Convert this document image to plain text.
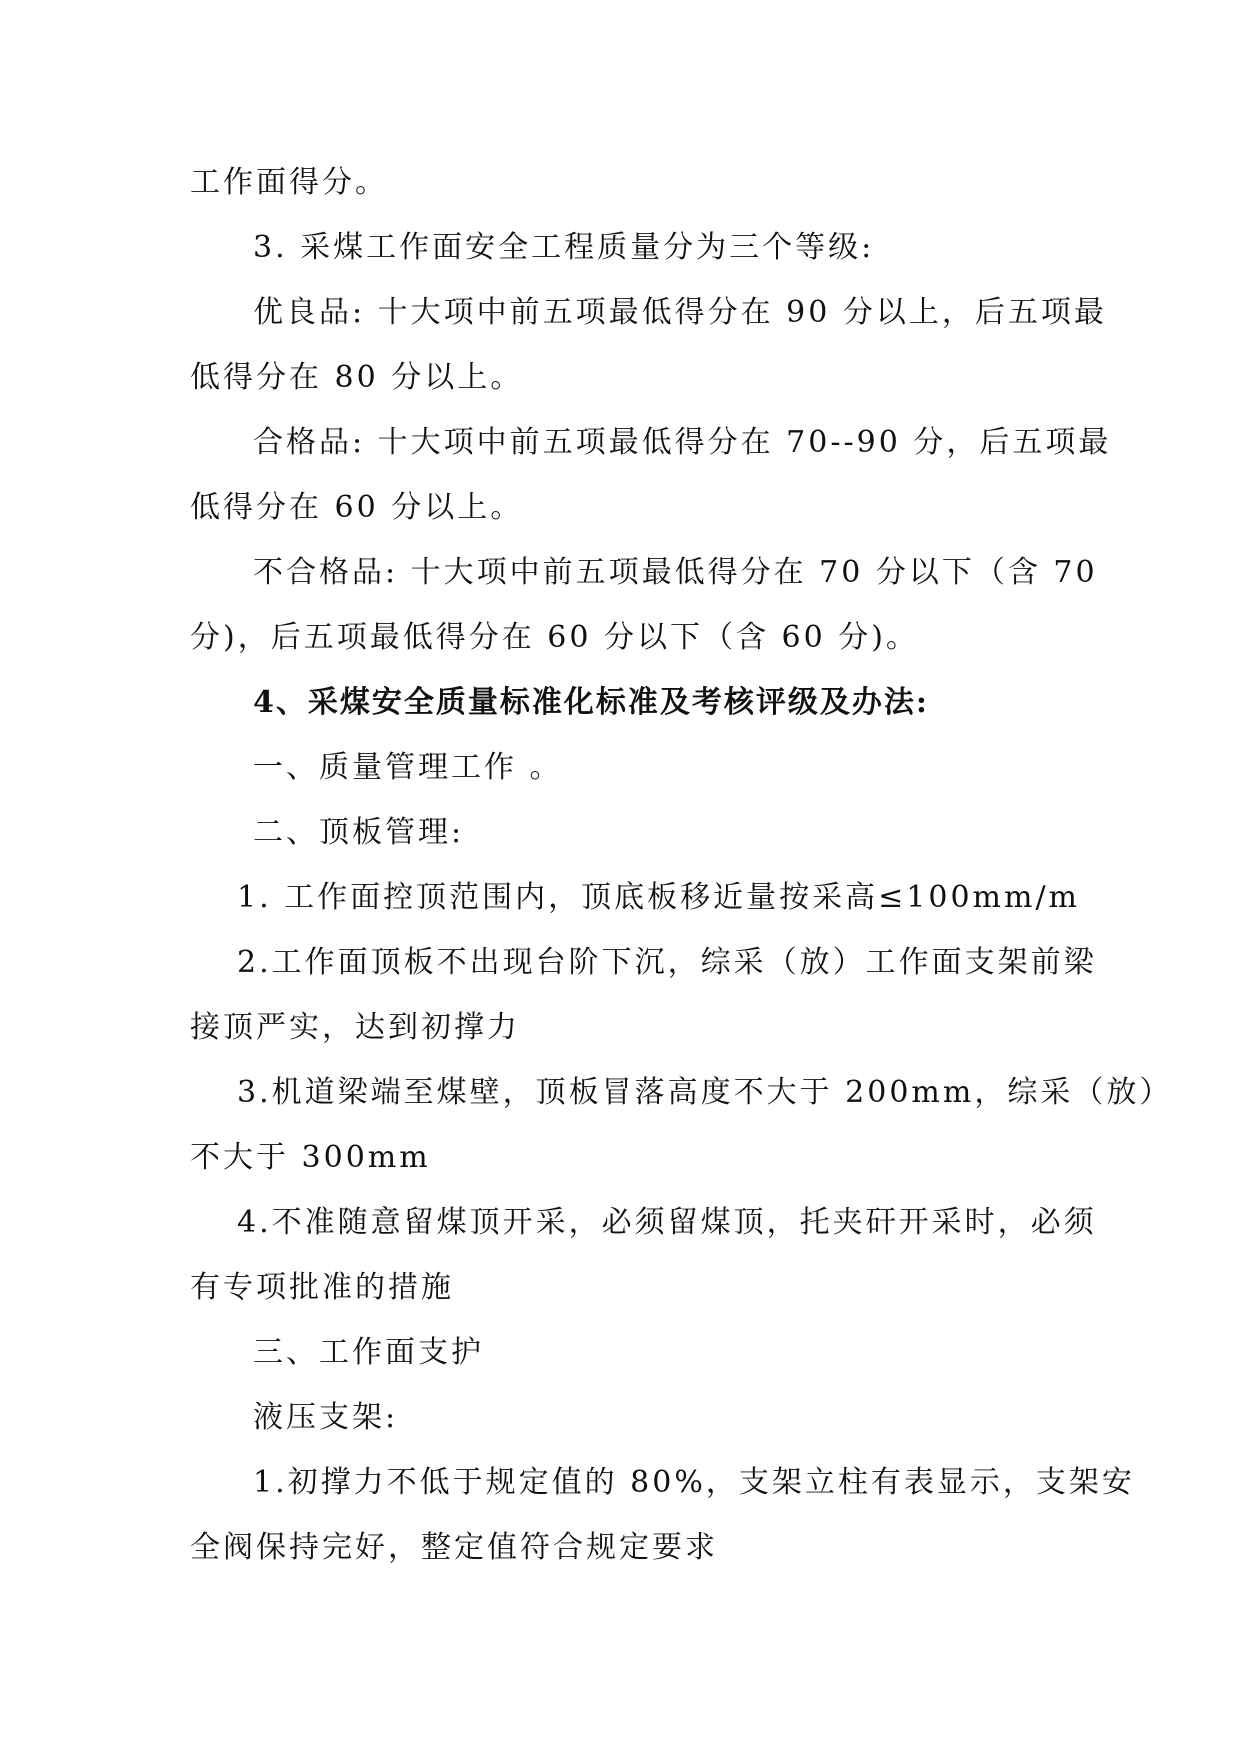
工作面得分。
3. 采煤工作面安全工程质量分为三个等级:
优良品: 十大项中前五项最低得分在 90 分以上，后五项最
低得分在 80 分以上。
合格品: 十大项中前五项最低得分在 70--90 分，后五项最
低得分在 60 分以上。
不合格品: 十大项中前五项最低得分在 70 分以下（含 70
分)，后五项最低得分在 60 分以下（含 60 分)。
4、采煤安全质量标准化标准及考核评级及办法:
一、质量管理工作 。
二、顶板管理:
1. 工作面控顶范围内，顶底板移近量按采高≤100mm/m
2.工作面顶板不出现台阶下沉，综采（放）工作面支架前梁
接顶严实，达到初撑力
3.机道梁端至煤壁，顶板冒落高度不大于 200mm，综采（放）
不大于 300mm
4.不准随意留煤顶开采，必须留煤顶，托夹矸开采时，必须
有专项批准的措施
三、工作面支护
液压支架:
1.初撑力不低于规定值的 80%，支架立柱有表显示，支架安
全阀保持完好，整定值符合规定要求
